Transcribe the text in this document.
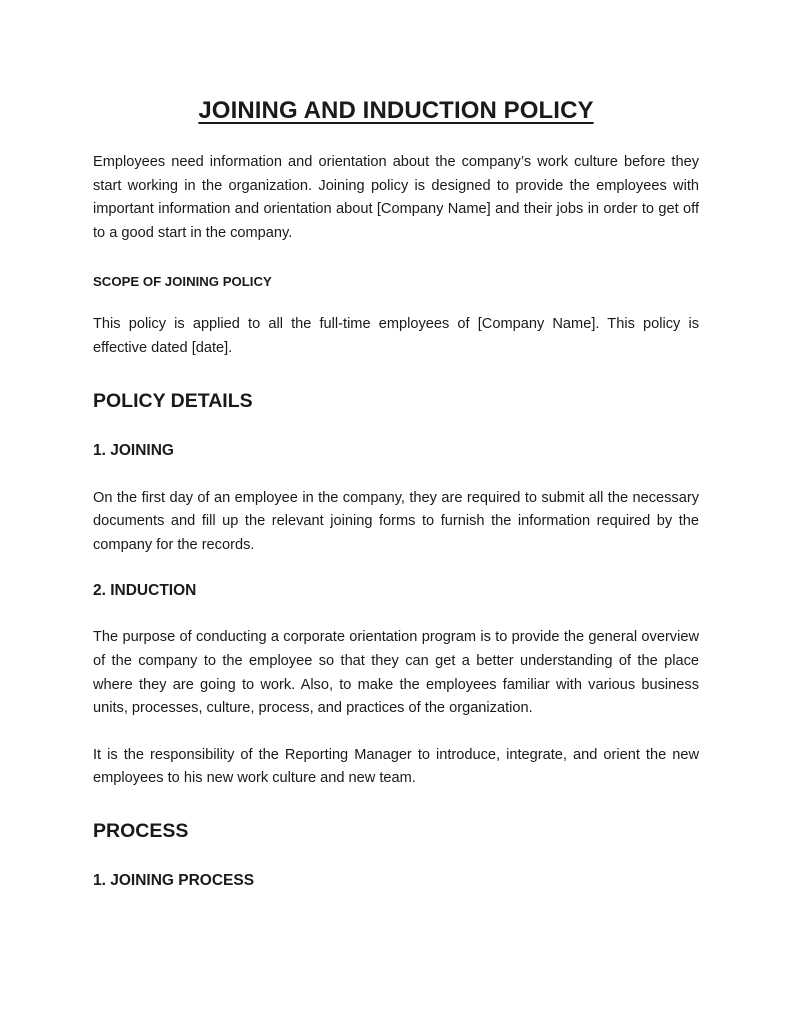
JOINING AND INDUCTION POLICY

Employees need information and orientation about the company’s work culture before they start working in the organization. Joining policy is designed to provide the employees with important information and orientation about [Company Name] and their jobs in order to get off to a good start in the company.

SCOPE OF JOINING POLICY

This policy is applied to all the full-time employees of [Company Name]. This policy is effective dated [date].

POLICY DETAILS
1. JOINING

On the first day of an employee in the company, they are required to submit all the necessary documents and fill up the relevant joining forms to furnish the information required by the company for the records.

2. INDUCTION

The purpose of conducting a corporate orientation program is to provide the general overview of the company to the employee so that they can get a better understanding of the place where they are going to work. Also, to make the employees familiar with various business units, processes, culture, process, and practices of the organization.

It is the responsibility of the Reporting Manager to introduce, integrate, and orient the new employees to his new work culture and new team.

PROCESS
1. JOINING PROCESS
